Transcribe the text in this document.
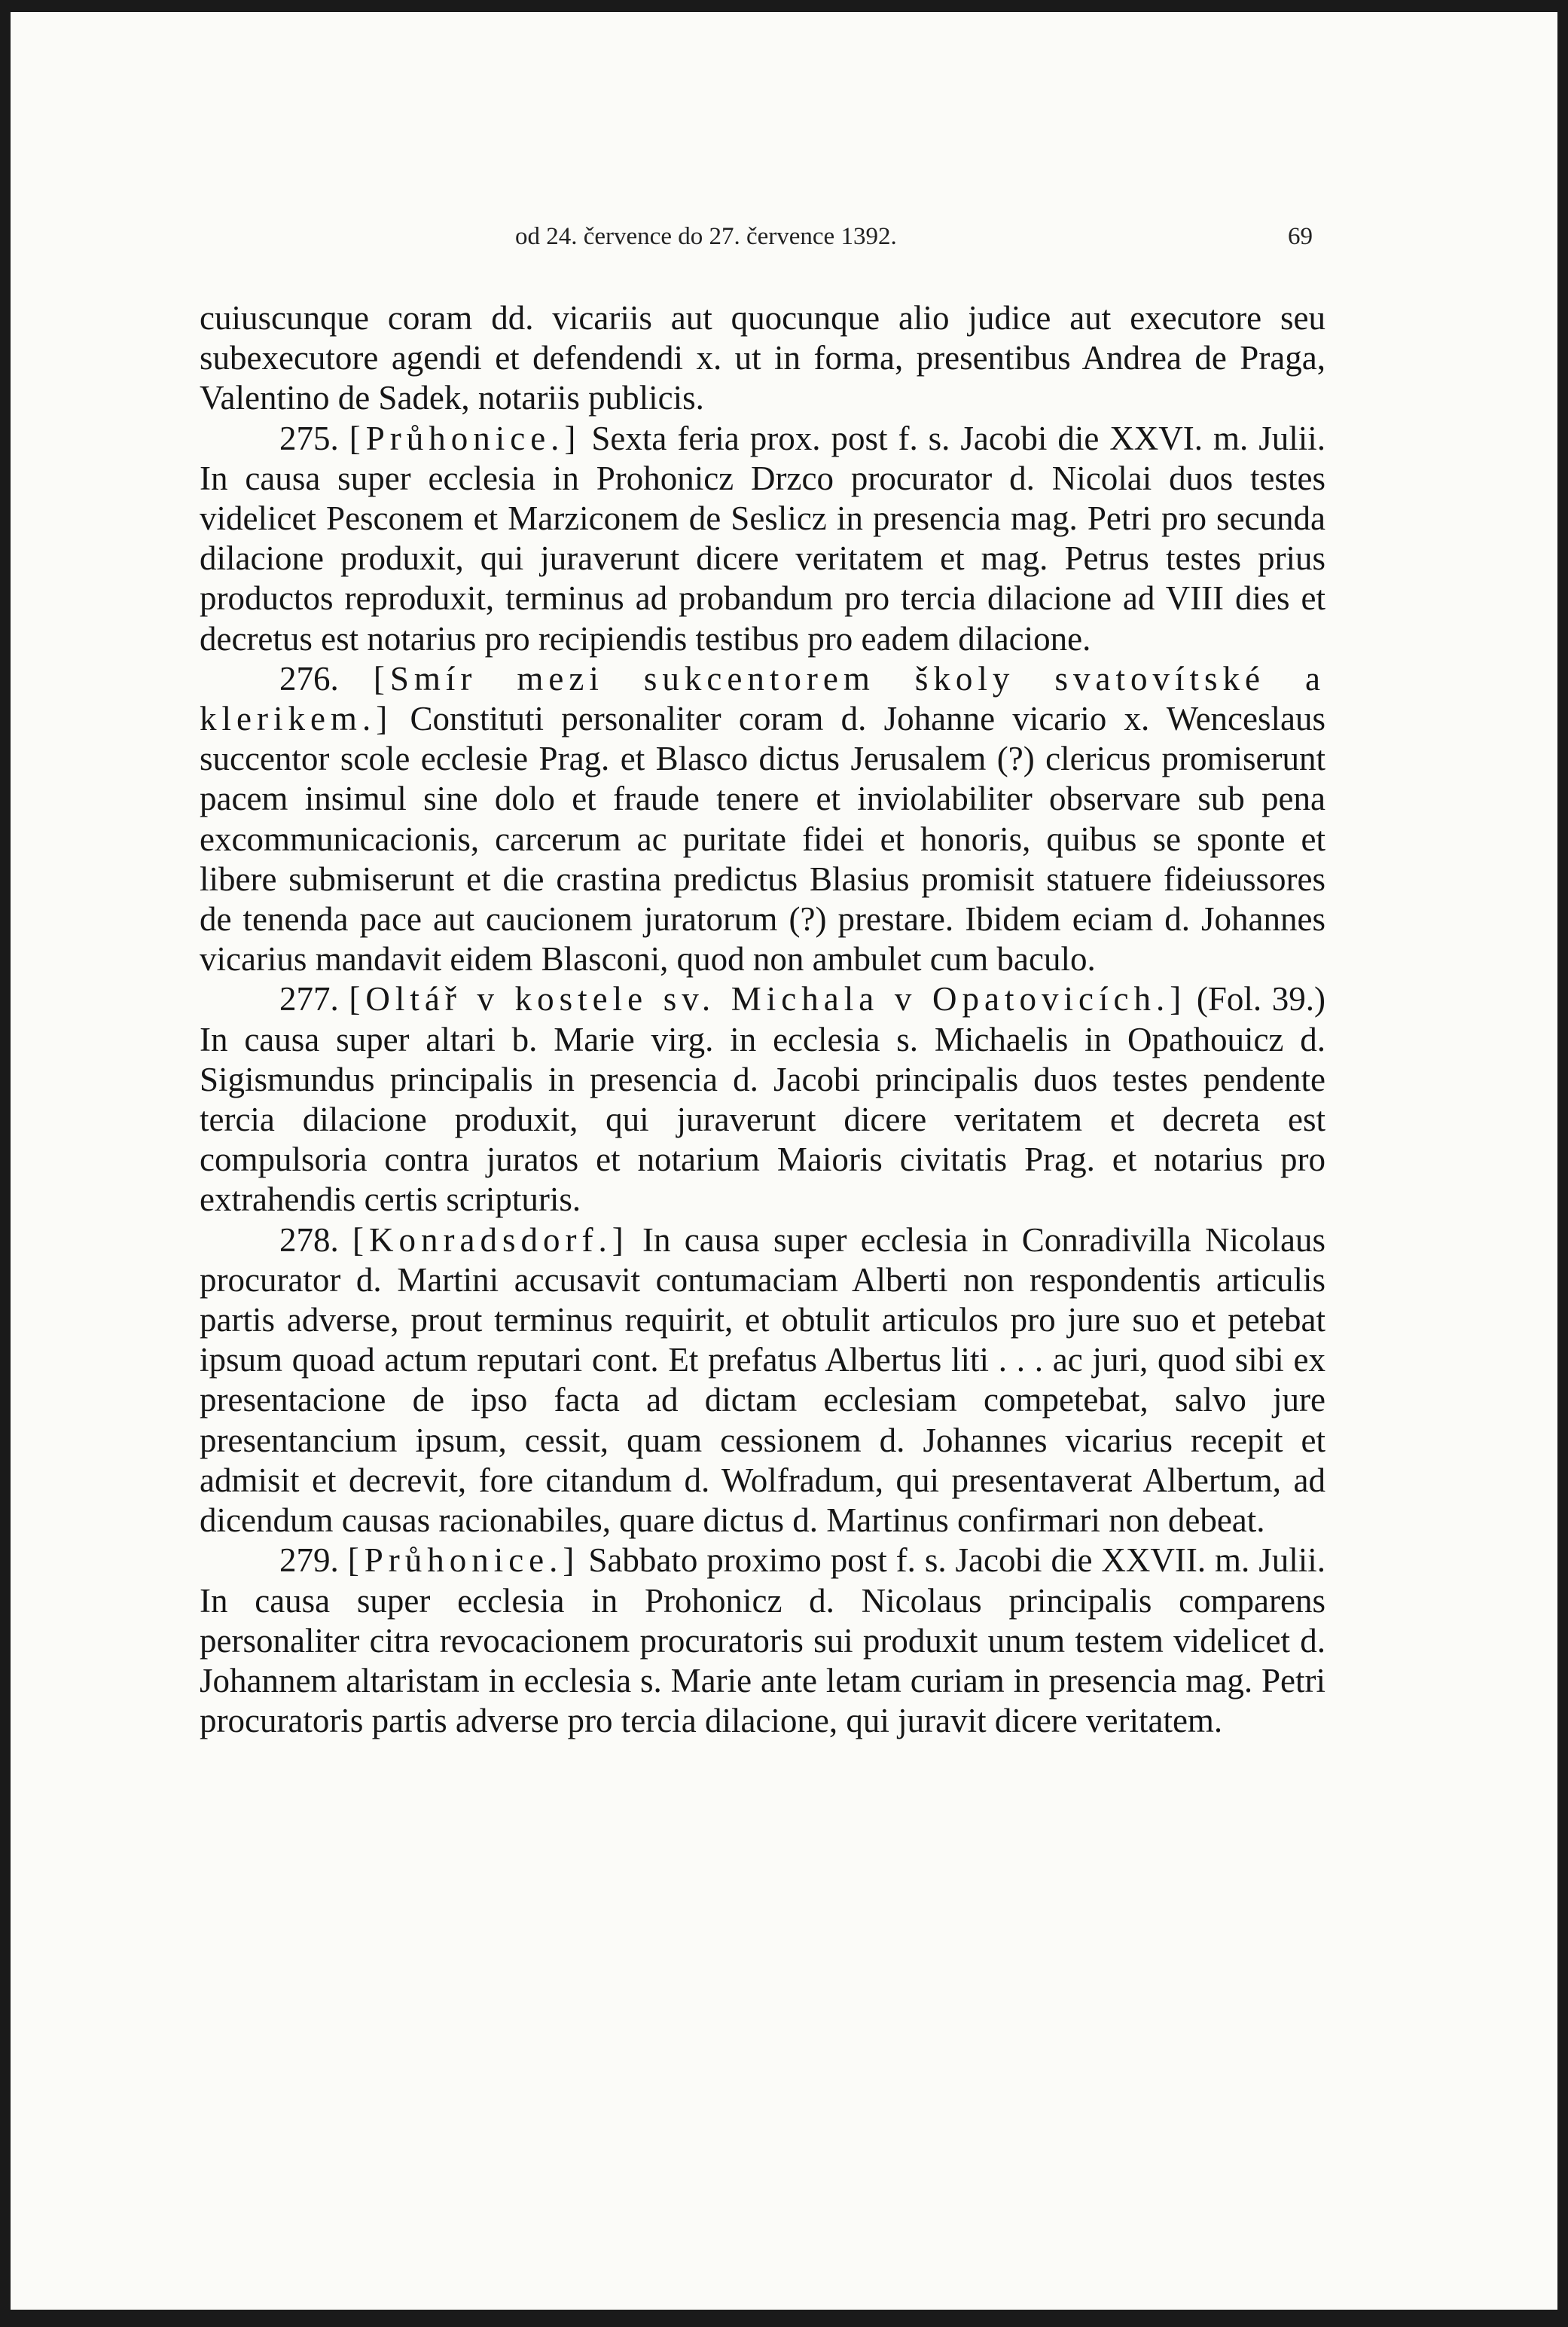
od 24. července do 27. července 1392.	69

cuiuscunque coram dd. vicariis aut quocunque alio judice aut executore seu subexecutore agendi et defendendi x. ut in forma, presentibus Andrea de Praga, Valentino de Sadek, notariis publicis.

275. [Průhonice.] Sexta feria prox. post f. s. Jacobi die XXVI. m. Julii. In causa super ecclesia in Prohonicz Drzco procurator d. Nicolai duos testes videlicet Pesconem et Marziconem de Seslicz in presencia mag. Petri pro secunda dilacione produxit, qui juraverunt dicere veritatem et mag. Petrus testes prius productos reproduxit, terminus ad probandum pro tercia dilacione ad VIII dies et decretus est notarius pro recipiendis testibus pro eadem dilacione.

276. [Smír mezi sukcentorem školy svatovítské a klerikem.] Constituti personaliter coram d. Johanne vicario x. Wenceslaus succentor scole ecclesie Prag. et Blasco dictus Jerusalem (?) clericus promiserunt pacem insimul sine dolo et fraude tenere et inviolabiliter observare sub pena excommunicacionis, carcerum ac puritate fidei et honoris, quibus se sponte et libere submiserunt et die crastina predictus Blasius promisit statuere fideiussores de tenenda pace aut caucionem juratorum (?) prestare. Ibidem eciam d. Johannes vicarius mandavit eidem Blasconi, quod non ambulet cum baculo.

277. [Oltář v kostele sv. Michala v Opatovicích.] (Fol. 39.) In causa super altari b. Marie virg. in ecclesia s. Michaelis in Opathouicz d. Sigismundus principalis in presencia d. Jacobi principalis duos testes pendente tercia dilacione produxit, qui juraverunt dicere veritatem et decreta est compulsoria contra juratos et notarium Maioris civitatis Prag. et notarius pro extrahendis certis scripturis.

278. [Konradsdorf.] In causa super ecclesia in Conradivilla Nicolaus procurator d. Martini accusavit contumaciam Alberti non respondentis articulis partis adverse, prout terminus requirit, et obtulit articulos pro jure suo et petebat ipsum quoad actum reputari cont. Et prefatus Albertus liti . . . ac juri, quod sibi ex presentacione de ipso facta ad dictam ecclesiam competebat, salvo jure presentancium ipsum, cessit, quam cessionem d. Johannes vicarius recepit et admisit et decrevit, fore citandum d. Wolfradum, qui presentaverat Albertum, ad dicendum causas racionabiles, quare dictus d. Martinus confirmari non debeat.

279. [Průhonice.] Sabbato proximo post f. s. Jacobi die XXVII. m. Julii. In causa super ecclesia in Prohonicz d. Nicolaus principalis comparens personaliter citra revocacionem procuratoris sui produxit unum testem videlicet d. Johannem altaristam in ecclesia s. Marie ante letam curiam in presencia mag. Petri procuratoris partis adverse pro tercia dilacione, qui juravit dicere veritatem.
